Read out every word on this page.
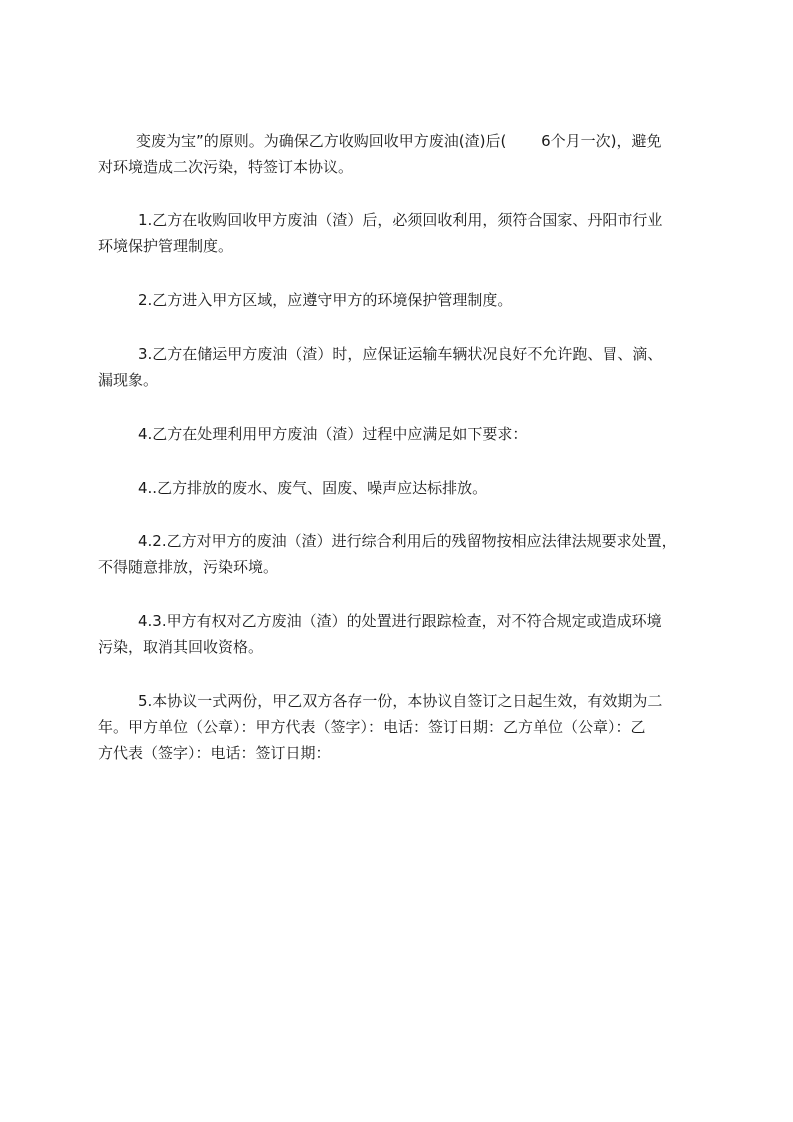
变废为宝”的原则。为确保乙方收购回收甲方废油(渣)后(　　 6个月一次)，避免
对环境造成二次污染，特签订本协议。

1.乙方在收购回收甲方废油（渣）后，必须回收利用，须符合国家、丹阳市行业
环境保护管理制度。

2.乙方进入甲方区域，应遵守甲方的环境保护管理制度。

3.乙方在储运甲方废油（渣）时，应保证运输车辆状况良好不允许跑、冒、滴、
漏现象。

4.乙方在处理利用甲方废油（渣）过程中应满足如下要求：

4..乙方排放的废水、废气、固废、噪声应达标排放。

4.2.乙方对甲方的废油（渣）进行综合利用后的残留物按相应法律法规要求处置，
不得随意排放，污染环境。

4.3.甲方有权对乙方废油（渣）的处置进行跟踪检查，对不符合规定或造成环境
污染，取消其回收资格。

5.本协议一式两份，甲乙双方各存一份，本协议自签订之日起生效，有效期为二
年。甲方单位（公章）：甲方代表（签字）：电话：签订日期：乙方单位（公章）：乙
方代表（签字）：电话：签订日期：
